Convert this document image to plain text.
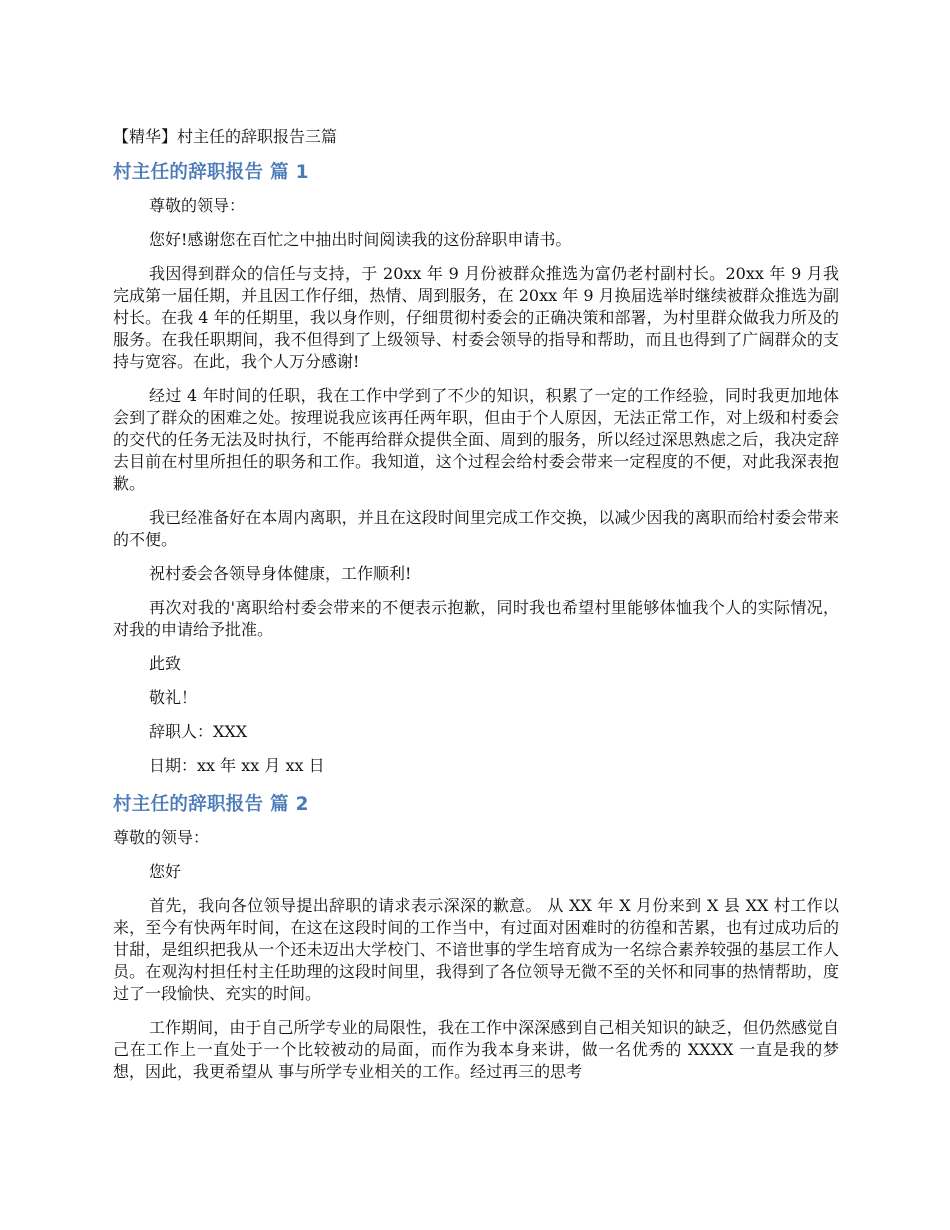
【精华】村主任的辞职报告三篇
村主任的辞职报告 篇 1

尊敬的领导：

您好!感谢您在百忙之中抽出时间阅读我的这份辞职申请书。

我因得到群众的信任与支持，于 20xx 年 9 月份被群众推选为富仍老村副村长。20xx 年 9 月我完成第一届任期，并且因工作仔细，热情、周到服务，在 20xx 年 9 月换届选举时继续被群众推选为副村长。在我 4 年的任期里，我以身作则，仔细贯彻村委会的正确决策和部署，为村里群众做我力所及的服务。在我任职期间，我不但得到了上级领导、村委会领导的指导和帮助，而且也得到了广阔群众的支持与宽容。在此，我个人万分感谢!

经过 4 年时间的任职，我在工作中学到了不少的知识，积累了一定的工作经验，同时我更加地体会到了群众的困难之处。按理说我应该再任两年职，但由于个人原因，无法正常工作，对上级和村委会的交代的任务无法及时执行，不能再给群众提供全面、周到的服务，所以经过深思熟虑之后，我决定辞去目前在村里所担任的职务和工作。我知道，这个过程会给村委会带来一定程度的不便，对此我深表抱歉。

我已经准备好在本周内离职，并且在这段时间里完成工作交换，以减少因我的离职而给村委会带来的不便。

祝村委会各领导身体健康，工作顺利!

再次对我的'离职给村委会带来的不便表示抱歉，同时我也希望村里能够体恤我个人的实际情况，对我的申请给予批准。

此致

敬礼！

辞职人：XXX

日期：xx 年 xx 月 xx 日

村主任的辞职报告 篇 2

尊敬的领导：

您好

首先，我向各位领导提出辞职的请求表示深深的歉意。 从 XX 年 X 月份来到 X 县 XX 村工作以来，至今有快两年时间，在这在这段时间的工作当中，有过面对困难时的彷徨和苦累，也有过成功后的甘甜，是组织把我从一个还未迈出大学校门、不谙世事的学生培育成为一名综合素养较强的基层工作人员。在观沟村担任村主任助理的这段时间里，我得到了各位领导无微不至的关怀和同事的热情帮助，度过了一段愉快、充实的时间。

工作期间，由于自己所学专业的局限性，我在工作中深深感到自己相关知识的缺乏，但仍然感觉自己在工作上一直处于一个比较被动的局面，而作为我本身来讲，做一名优秀的 XXXX 一直是我的梦想，因此，我更希望从 事与所学专业相关的工作。经过再三的思考
